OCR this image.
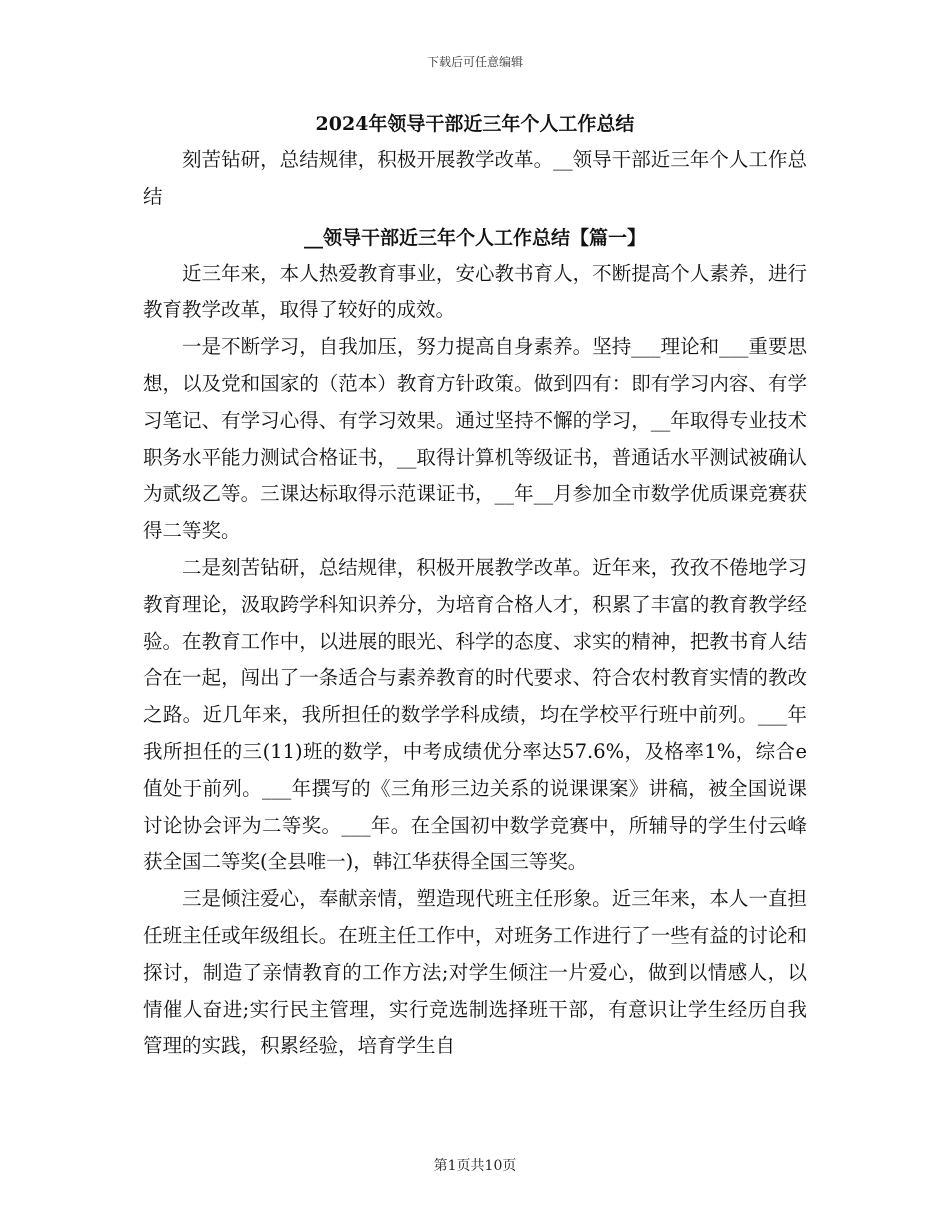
下载后可任意编辑
2024年领导干部近三年个人工作总结

刻苦钻研，总结规律，积极开展教学改革。__领导干部近三年个人工作总结

__领导干部近三年个人工作总结【篇一】

近三年来，本人热爱教育事业，安心教书育人，不断提高个人素养，进行教育教学改革，取得了较好的成效。

一是不断学习，自我加压，努力提高自身素养。坚持___理论和___重要思想，以及党和国家的（范本）教育方针政策。做到四有：即有学习内容、有学习笔记、有学习心得、有学习效果。通过坚持不懈的学习，__年取得专业技术职务水平能力测试合格证书，__取得计算机等级证书，普通话水平测试被确认为贰级乙等。三课达标取得示范课证书，__年__月参加全市数学优质课竞赛获得二等奖。

二是刻苦钻研，总结规律，积极开展教学改革。近年来，孜孜不倦地学习教育理论，汲取跨学科知识养分，为培育合格人才，积累了丰富的教育教学经验。在教育工作中，以进展的眼光、科学的态度、求实的精神，把教书育人结合在一起，闯出了一条适合与素养教育的时代要求、符合农村教育实情的教改之路。近几年来，我所担任的数学学科成绩，均在学校平行班中前列。___年我所担任的三(11)班的数学，中考成绩优分率达57.6%，及格率1%，综合e值处于前列。___年撰写的《三角形三边关系的说课课案》讲稿，被全国说课讨论协会评为二等奖。___年。在全国初中数学竞赛中，所辅导的学生付云峰获全国二等奖(全县唯一)，韩江华获得全国三等奖。

三是倾注爱心，奉献亲情，塑造现代班主任形象。近三年来，本人一直担任班主任或年级组长。在班主任工作中，对班务工作进行了一些有益的讨论和探讨，制造了亲情教育的工作方法;对学生倾注一片爱心，做到以情感人，以情催人奋进;实行民主管理，实行竞选制选择班干部，有意识让学生经历自我管理的实践，积累经验，培育学生自

第1页共10页
